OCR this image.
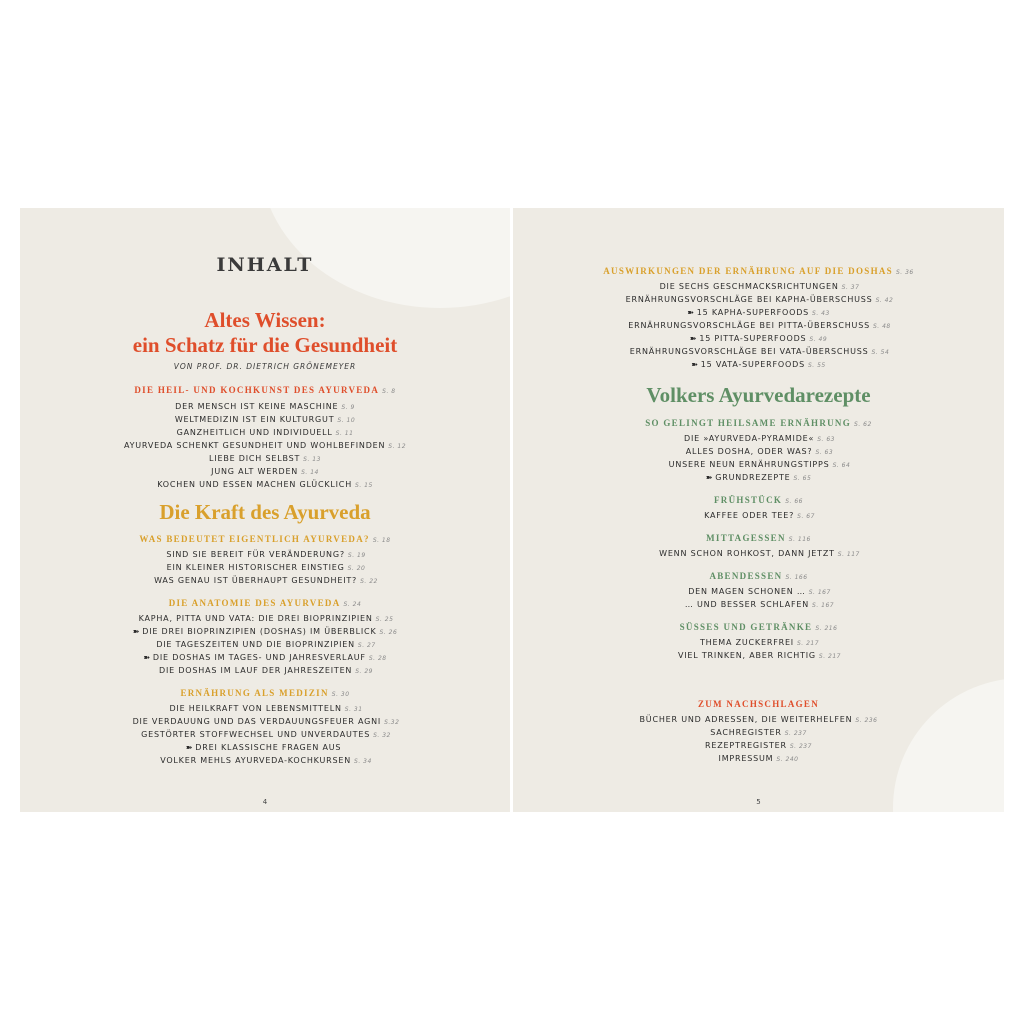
INHALT
Altes Wissen:
ein Schatz für die Gesundheit
VON PROF. DR. DIETRICH GRÖNEMEYER
DIE HEIL- UND KOCHKUNST DES AYURVEDA S. 8
DER MENSCH IST KEINE MASCHINE S. 9
WELTMEDIZIN IST EIN KULTURGUT S. 10
GANZHEITLICH UND INDIVIDUELL S. 11
AYURVEDA SCHENKT GESUNDHEIT UND WOHLBEFINDEN S. 12
LIEBE DICH SELBST S. 13
JUNG ALT WERDEN S. 14
KOCHEN UND ESSEN MACHEN GLÜCKLICH S. 15
Die Kraft des Ayurveda
WAS BEDEUTET EIGENTLICH AYURVEDA? S. 18
SIND SIE BEREIT FÜR VERÄNDERUNG? S. 19
EIN KLEINER HISTORISCHER EINSTIEG S. 20
WAS GENAU IST ÜBERHAUPT GESUNDHEIT? S. 22
DIE ANATOMIE DES AYURVEDA S. 24
KAPHA, PITTA UND VATA: DIE DREI BIOPRINZIPIEN S. 25
➽ DIE DREI BIOPRINZIPIEN (DOSHAS) IM ÜBERBLICK S. 26
DIE TAGESZEITEN UND DIE BIOPRINZIPIEN S. 27
➽ DIE DOSHAS IM TAGES- UND JAHRESVERLAUF S. 28
DIE DOSHAS IM LAUF DER JAHRESZEITEN S. 29
ERNÄHRUNG ALS MEDIZIN S. 30
DIE HEILKRAFT VON LEBENSMITTELN S. 31
DIE VERDAUUNG UND DAS VERDAUUNGSFEUER AGNI S.32
GESTÖRTER STOFFWECHSEL UND UNVERDAUTES S. 32
➽ DREI KLASSISCHE FRAGEN AUS
VOLKER MEHLS AYURVEDA-KOCHKURSEN S. 34
4
AUSWIRKUNGEN DER ERNÄHRUNG AUF DIE DOSHAS S. 36
DIE SECHS GESCHMACKSRICHTUNGEN S. 37
ERNÄHRUNGSVORSCHLÄGE BEI KAPHA-ÜBERSCHUSS S. 42
➽ 15 KAPHA-SUPERFOODS S. 43
ERNÄHRUNGSVORSCHLÄGE BEI PITTA-ÜBERSCHUSS S. 48
➽ 15 PITTA-SUPERFOODS S. 49
ERNÄHRUNGSVORSCHLÄGE BEI VATA-ÜBERSCHUSS S. 54
➽ 15 VATA-SUPERFOODS S. 55
Volkers Ayurvedarezepte
SO GELINGT HEILSAME ERNÄHRUNG S. 62
DIE »AYURVEDA-PYRAMIDE« S. 63
ALLES DOSHA, ODER WAS? S. 63
UNSERE NEUN ERNÄHRUNGSTIPPS S. 64
➽ GRUNDREZEPTE S. 65
FRÜHSTÜCK S. 66
KAFFEE ODER TEE? S. 67
MITTAGESSEN S. 116
WENN SCHON ROHKOST, DANN JETZT S. 117
ABENDESSEN S. 166
DEN MAGEN SCHONEN … S. 167
… UND BESSER SCHLAFEN S. 167
SÜSSES UND GETRÄNKE S. 216
THEMA ZUCKERFREI S. 217
VIEL TRINKEN, ABER RICHTIG S. 217
ZUM NACHSCHLAGEN
BÜCHER UND ADRESSEN, DIE WEITERHELFEN S. 236
SACHREGISTER S. 237
REZEPTREGISTER S. 237
IMPRESSUM S. 240
5
